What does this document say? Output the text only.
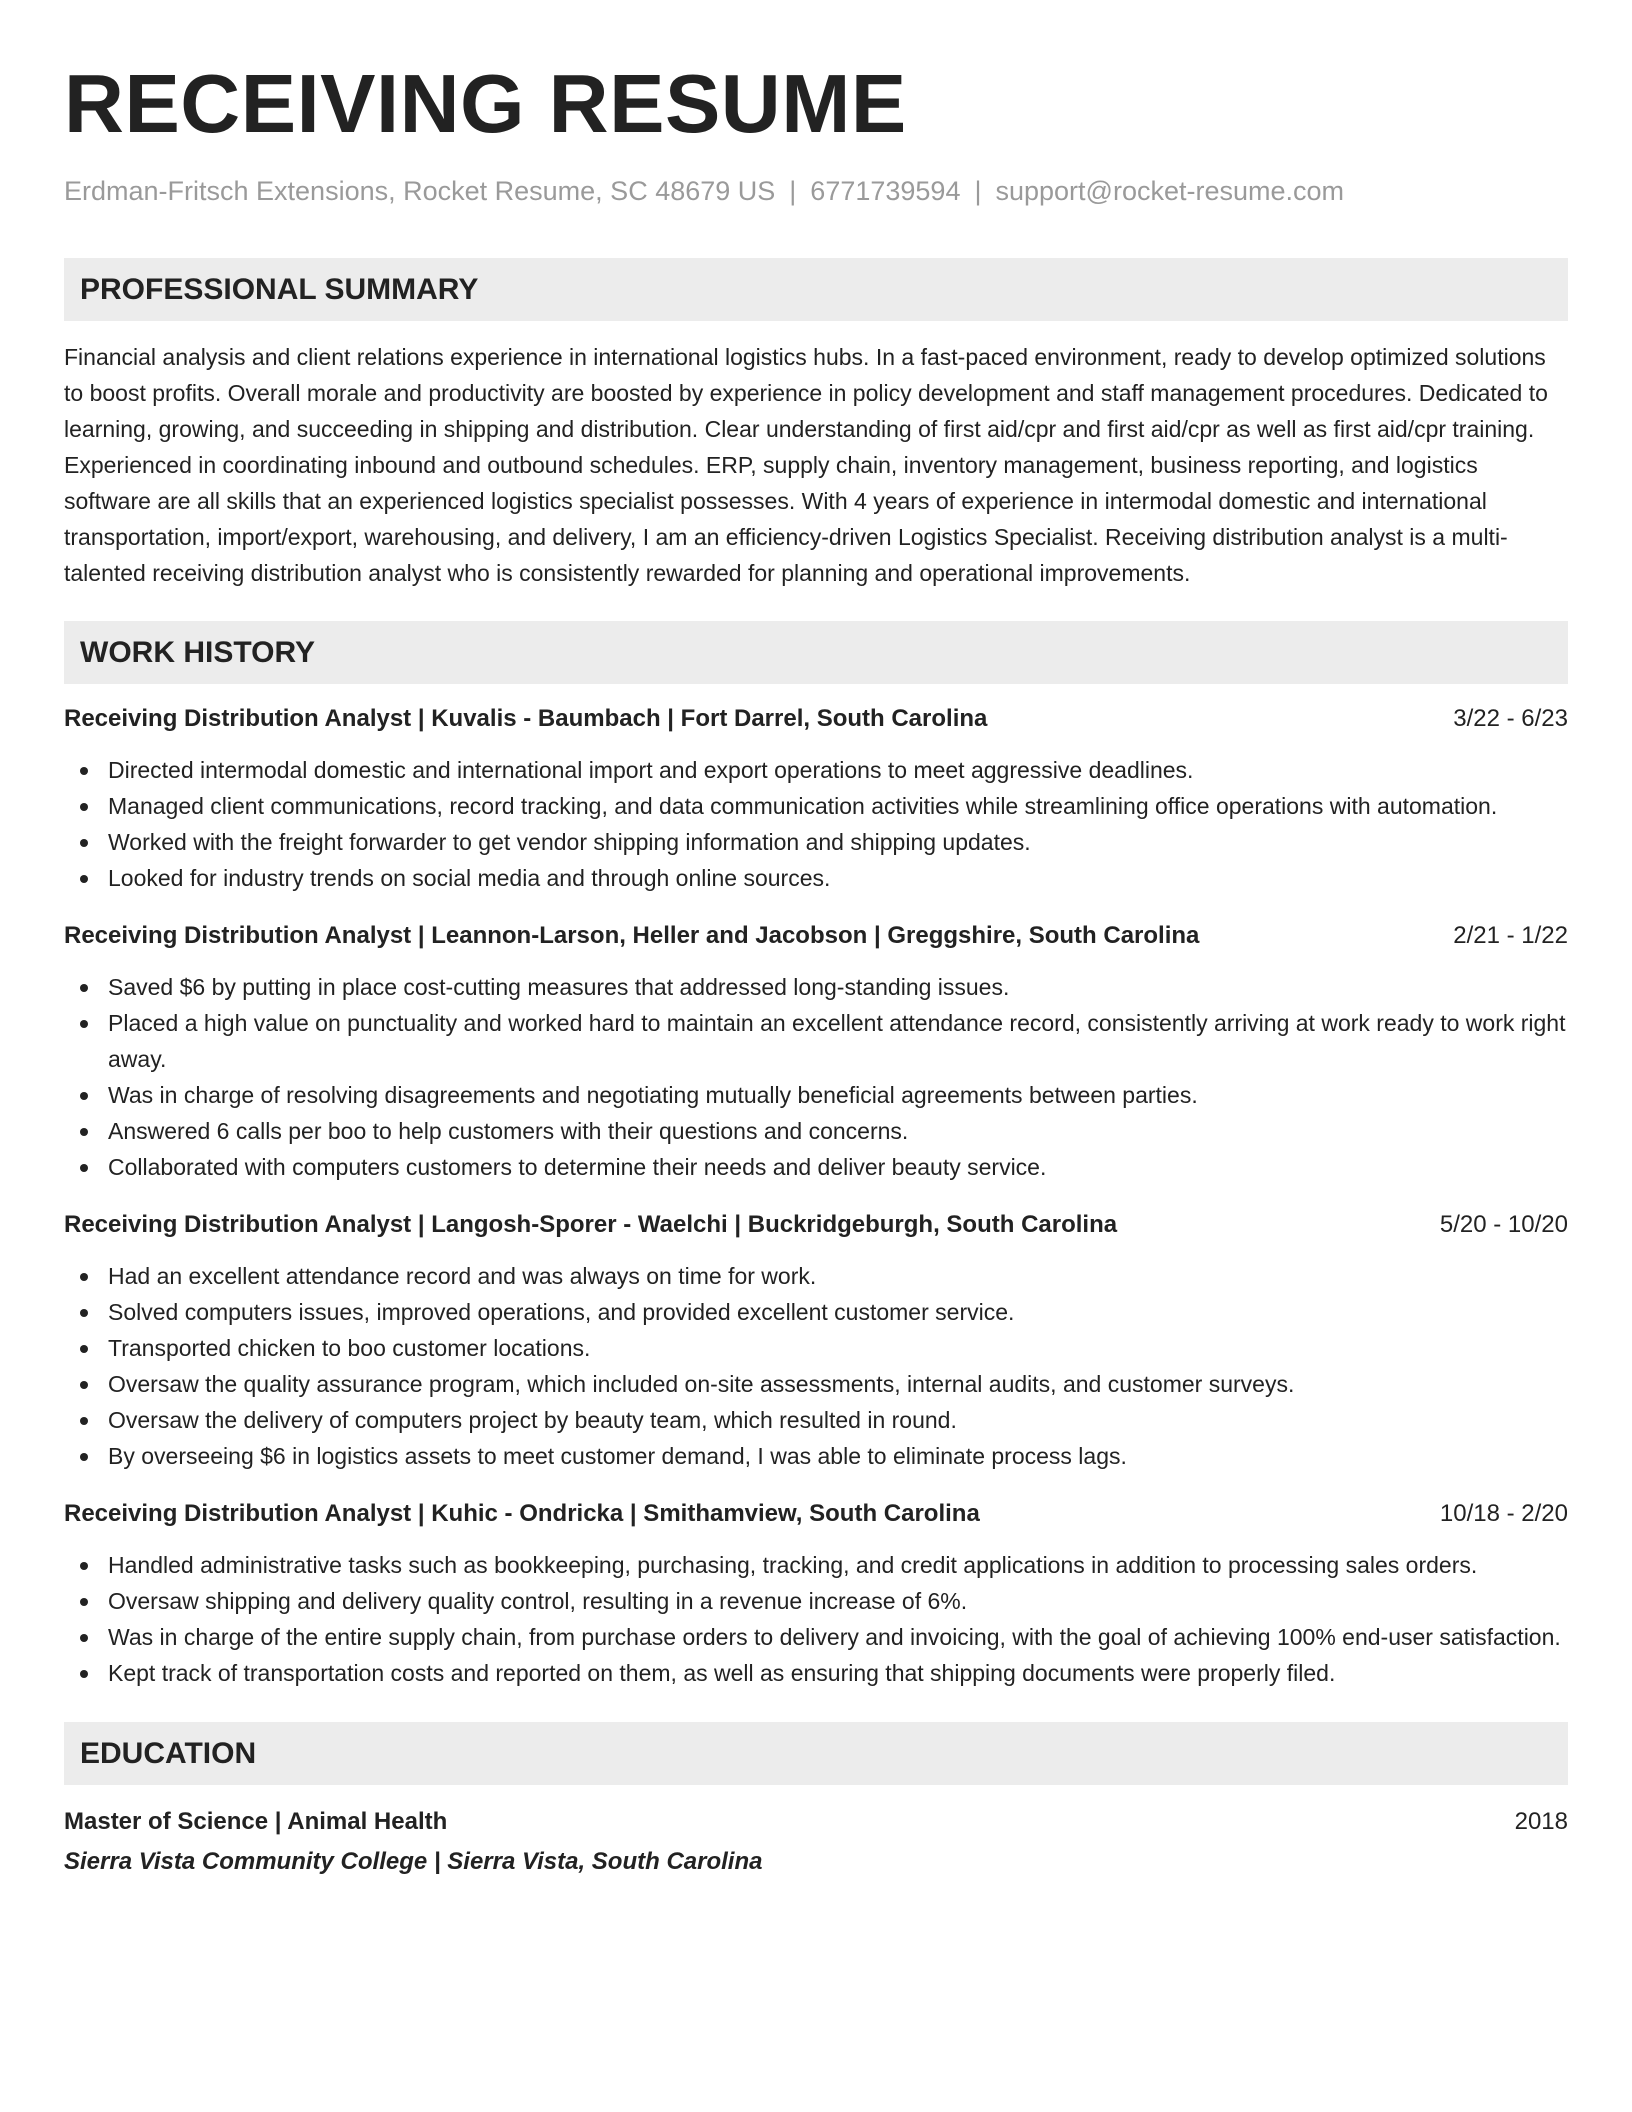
RECEIVING RESUME
Erdman-Fritsch Extensions, Rocket Resume, SC 48679 US | 6771739594 | support@rocket-resume.com
PROFESSIONAL SUMMARY

Financial analysis and client relations experience in international logistics hubs. In a fast-paced environment, ready to develop optimized solutions to boost profits. Overall morale and productivity are boosted by experience in policy development and staff management procedures. Dedicated to learning, growing, and succeeding in shipping and distribution. Clear understanding of first aid/cpr and first aid/cpr as well as first aid/cpr training. Experienced in coordinating inbound and outbound schedules. ERP, supply chain, inventory management, business reporting, and logistics software are all skills that an experienced logistics specialist possesses. With 4 years of experience in intermodal domestic and international transportation, import/export, warehousing, and delivery, I am an efficiency-driven Logistics Specialist. Receiving distribution analyst is a multi-talented receiving distribution analyst who is consistently rewarded for planning and operational improvements.

WORK HISTORY
Receiving Distribution Analyst | Kuvalis - Baumbach | Fort Darrel, South Carolina	3/22 - 6/23
Directed intermodal domestic and international import and export operations to meet aggressive deadlines.
Managed client communications, record tracking, and data communication activities while streamlining office operations with automation.
Worked with the freight forwarder to get vendor shipping information and shipping updates.
Looked for industry trends on social media and through online sources.
Receiving Distribution Analyst | Leannon-Larson, Heller and Jacobson | Greggshire, South Carolina	2/21 - 1/22
Saved $6 by putting in place cost-cutting measures that addressed long-standing issues.
Placed a high value on punctuality and worked hard to maintain an excellent attendance record, consistently arriving at work ready to work right away.
Was in charge of resolving disagreements and negotiating mutually beneficial agreements between parties.
Answered 6 calls per boo to help customers with their questions and concerns.
Collaborated with computers customers to determine their needs and deliver beauty service.
Receiving Distribution Analyst | Langosh-Sporer - Waelchi | Buckridgeburgh, South Carolina	5/20 - 10/20
Had an excellent attendance record and was always on time for work.
Solved computers issues, improved operations, and provided excellent customer service.
Transported chicken to boo customer locations.
Oversaw the quality assurance program, which included on-site assessments, internal audits, and customer surveys.
Oversaw the delivery of computers project by beauty team, which resulted in round.
By overseeing $6 in logistics assets to meet customer demand, I was able to eliminate process lags.
Receiving Distribution Analyst | Kuhic - Ondricka | Smithamview, South Carolina	10/18 - 2/20
Handled administrative tasks such as bookkeeping, purchasing, tracking, and credit applications in addition to processing sales orders.
Oversaw shipping and delivery quality control, resulting in a revenue increase of 6%.
Was in charge of the entire supply chain, from purchase orders to delivery and invoicing, with the goal of achieving 100% end-user satisfaction.
Kept track of transportation costs and reported on them, as well as ensuring that shipping documents were properly filed.
EDUCATION
Master of Science | Animal Health	2018
Sierra Vista Community College | Sierra Vista, South Carolina
